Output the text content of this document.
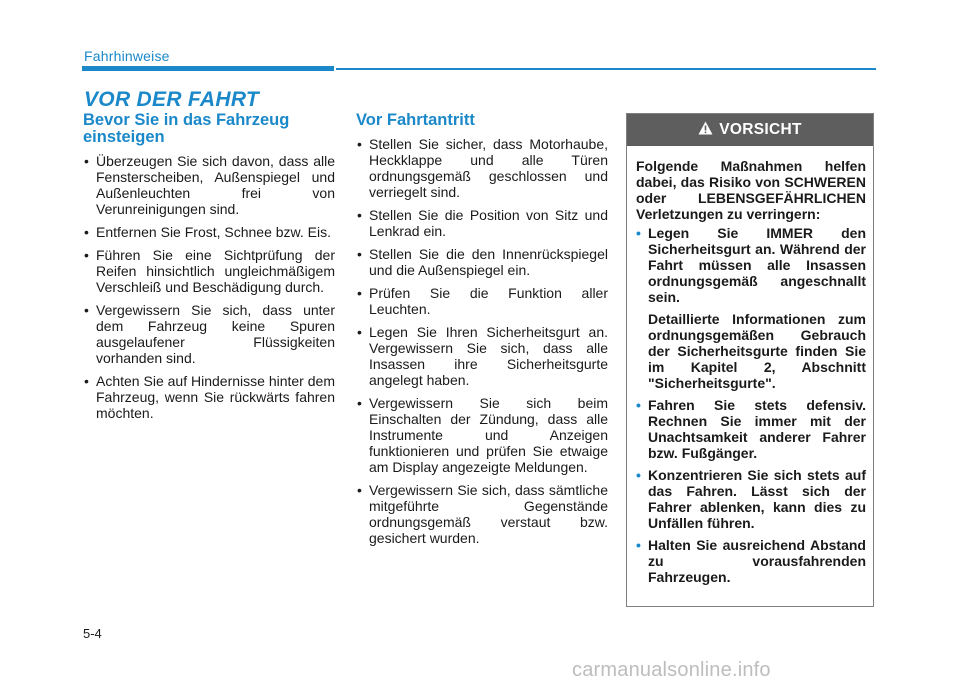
Fahrhinweise
VOR DER FAHRT
Bevor Sie in das Fahrzeug einsteigen
• Überzeugen Sie sich davon, dass alle Fensterscheiben, Außenspiegel und Außenleuchten frei von Verunreinigungen sind.
• Entfernen Sie Frost, Schnee bzw. Eis.
• Führen Sie eine Sichtprüfung der Reifen hinsichtlich ungleichmäßigem Verschleiß und Beschädigung durch.
• Vergewissern Sie sich, dass unter dem Fahrzeug keine Spuren ausgelaufener Flüssigkeiten vorhanden sind.
• Achten Sie auf Hindernisse hinter dem Fahrzeug, wenn Sie rückwärts fahren möchten.
Vor Fahrtantritt
• Stellen Sie sicher, dass Motorhaube, Heckklappe und alle Türen ordnungsgemäß geschlossen und verriegelt sind.
• Stellen Sie die Position von Sitz und Lenkrad ein.
• Stellen Sie die den Innenrückspiegel und die Außenspiegel ein.
• Prüfen Sie die Funktion aller Leuchten.
• Legen Sie Ihren Sicherheitsgurt an. Vergewissern Sie sich, dass alle Insassen ihre Sicherheitsgurte angelegt haben.
• Vergewissern Sie sich beim Einschalten der Zündung, dass alle Instrumente und Anzeigen funktionieren und prüfen Sie etwaige am Display angezeigte Meldungen.
• Vergewissern Sie sich, dass sämtliche mitgeführte Gegenstände ordnungsgemäß verstaut bzw. gesichert wurden.
VORSICHT

Folgende Maßnahmen helfen dabei, das Risiko von SCHWEREN oder LEBENSGEFÄHRLICHEN Verletzungen zu verringern:

• Legen Sie IMMER den Sicherheitsgurt an. Während der Fahrt müssen alle Insassen ordnungsgemäß angeschnallt sein.
Detaillierte Informationen zum ordnungsgemäßen Gebrauch der Sicherheitsgurte finden Sie im Kapitel 2, Abschnitt "Sicherheitsgurte".
• Fahren Sie stets defensiv. Rechnen Sie immer mit der Unachtsamkeit anderer Fahrer bzw. Fußgänger.
• Konzentrieren Sie sich stets auf das Fahren. Lässt sich der Fahrer ablenken, kann dies zu Unfällen führen.
• Halten Sie ausreichend Abstand zu vorausfahrenden Fahrzeugen.
5-4
carmanualsonline.info
